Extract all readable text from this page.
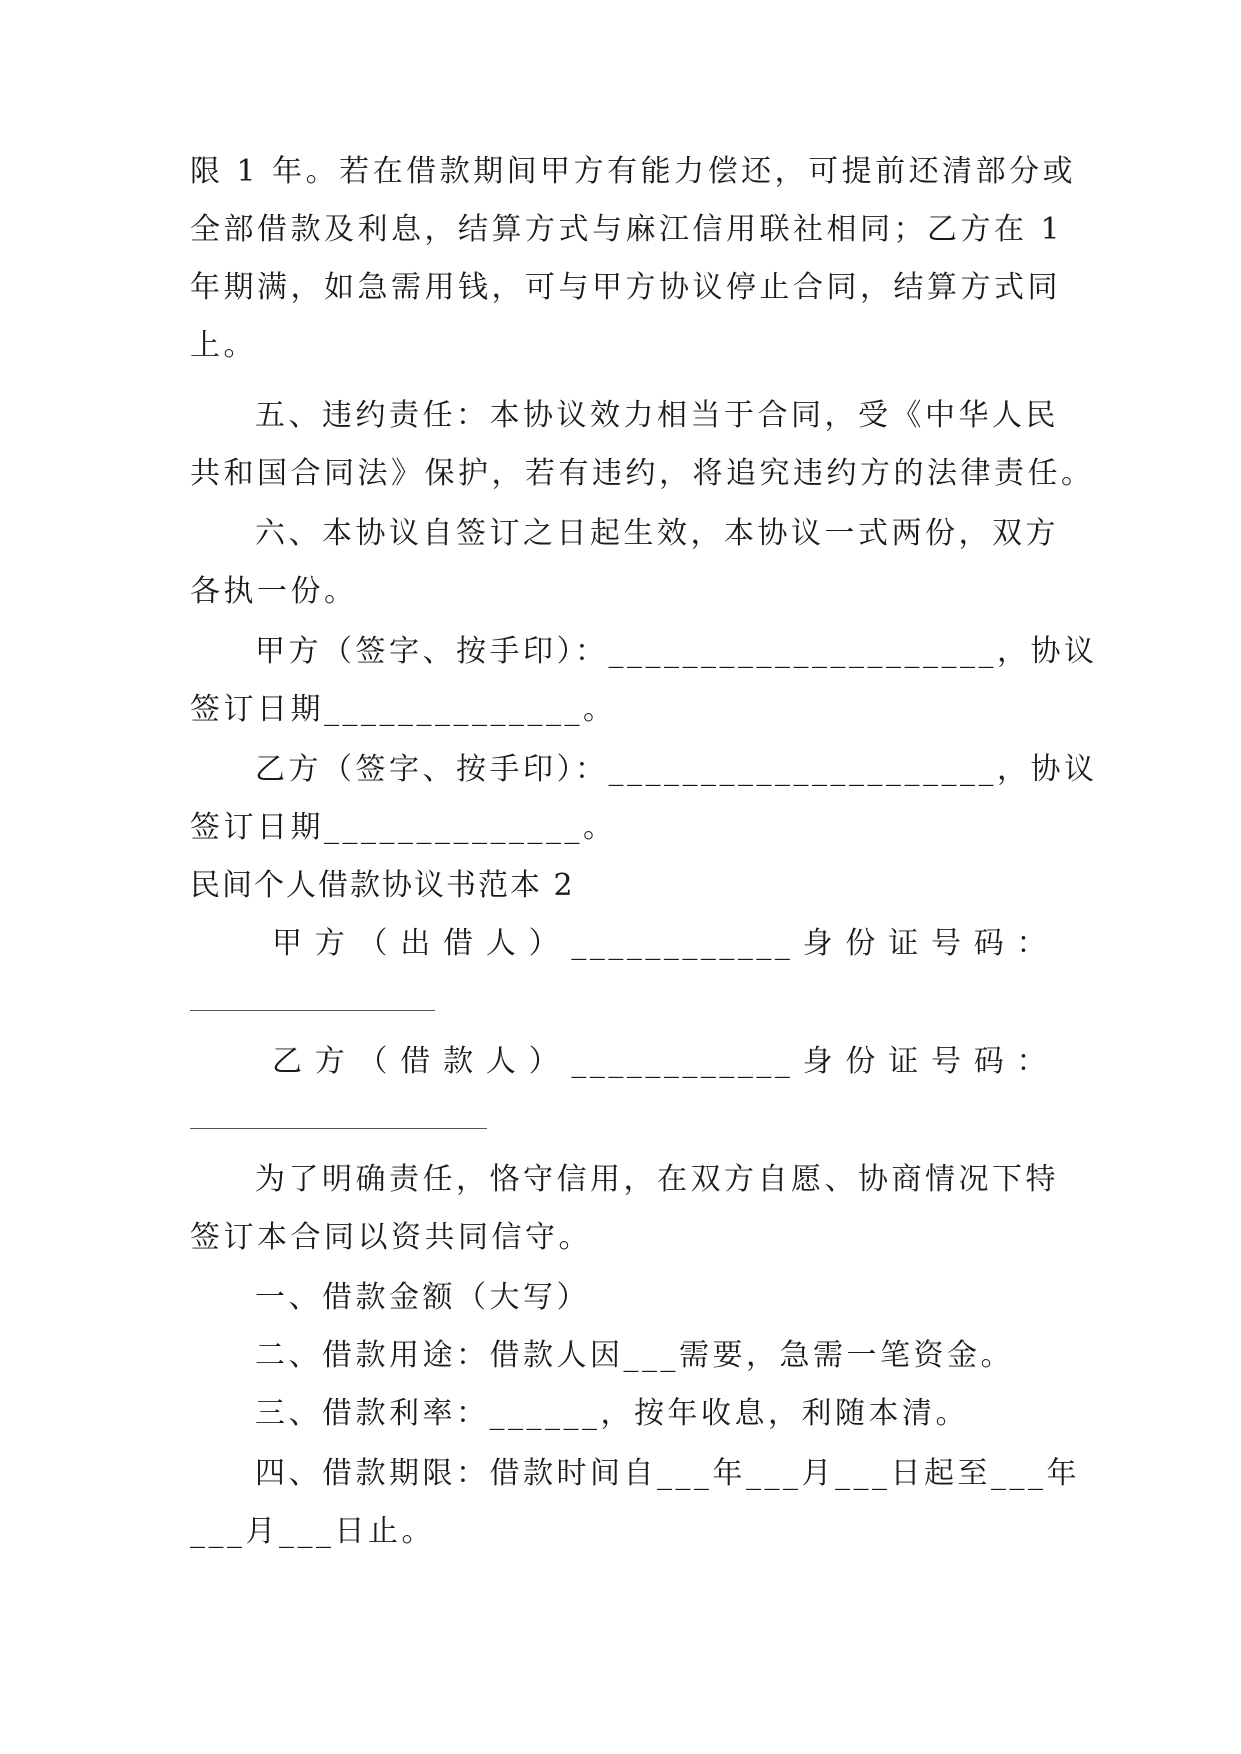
限 1 年。若在借款期间甲方有能力偿还，可提前还清部分或
全部借款及利息，结算方式与麻江信用联社相同；乙方在 1
年期满，如急需用钱，可与甲方协议停止合同，结算方式同
上。
五、违约责任：本协议效力相当于合同，受《中华人民
共和国合同法》保护，若有违约，将追究违约方的法律责任。
六、本协议自签订之日起生效，本协议一式两份，双方
各执一份。
甲方（签字、按手印）：_____________________，协议
签订日期______________。
乙方（签字、按手印）：_____________________，协议
签订日期______________。
民间个人借款协议书范本 2
甲方（出借人）____________身份证号码：
乙方（借款人）____________身份证号码：
为了明确责任，恪守信用，在双方自愿、协商情况下特
签订本合同以资共同信守。
一、借款金额（大写）
二、借款用途：借款人因___需要，急需一笔资金。
三、借款利率：______，按年收息，利随本清。
四、借款期限：借款时间自___年___月___日起至___年
___月___日止。
